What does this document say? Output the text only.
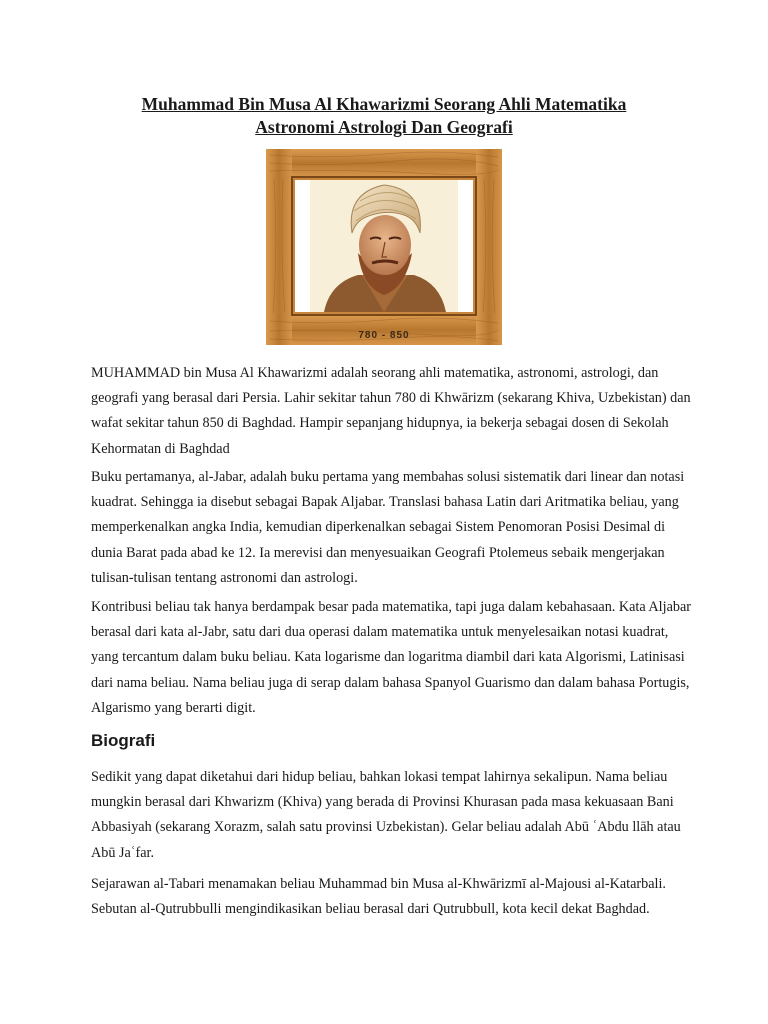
Muhammad Bin Musa Al Khawarizmi Seorang Ahli Matematika
Astronomi Astrologi Dan Geografi
780 - 850

MUHAMMAD bin Musa Al Khawarizmi adalah seorang ahli matematika, astronomi, astrologi, dan geografi yang berasal dari Persia. Lahir sekitar tahun 780 di Khwārizm (sekarang Khiva, Uzbekistan) dan wafat sekitar tahun 850 di Baghdad. Hampir sepanjang hidupnya, ia bekerja sebagai dosen di Sekolah Kehormatan di Baghdad

Buku pertamanya, al-Jabar, adalah buku pertama yang membahas solusi sistematik dari linear dan notasi kuadrat. Sehingga ia disebut sebagai Bapak Aljabar. Translasi bahasa Latin dari Aritmatika beliau, yang memperkenalkan angka India, kemudian diperkenalkan sebagai Sistem Penomoran Posisi Desimal di dunia Barat pada abad ke 12. Ia merevisi dan menyesuaikan Geografi Ptolemeus sebaik mengerjakan tulisan-tulisan tentang astronomi dan astrologi.

Kontribusi beliau tak hanya berdampak besar pada matematika, tapi juga dalam kebahasaan. Kata Aljabar berasal dari kata al-Jabr, satu dari dua operasi dalam matematika untuk menyelesaikan notasi kuadrat, yang tercantum dalam buku beliau. Kata logarisme dan logaritma diambil dari kata Algorismi, Latinisasi dari nama beliau. Nama beliau juga di serap dalam bahasa Spanyol Guarismo dan dalam bahasa Portugis, Algarismo yang berarti digit.

Biografi

Sedikit yang dapat diketahui dari hidup beliau, bahkan lokasi tempat lahirnya sekalipun. Nama beliau mungkin berasal dari Khwarizm (Khiva) yang berada di Provinsi Khurasan pada masa kekuasaan Bani Abbasiyah (sekarang Xorazm, salah satu provinsi Uzbekistan). Gelar beliau adalah Abū ʿAbdu llāh atau Abū Jaʿfar.

Sejarawan al-Tabari menamakan beliau Muhammad bin Musa al-Khwārizmī al-Majousi al-Katarbali. Sebutan al-Qutrubbulli mengindikasikan beliau berasal dari Qutrubbull, kota kecil dekat Baghdad.
